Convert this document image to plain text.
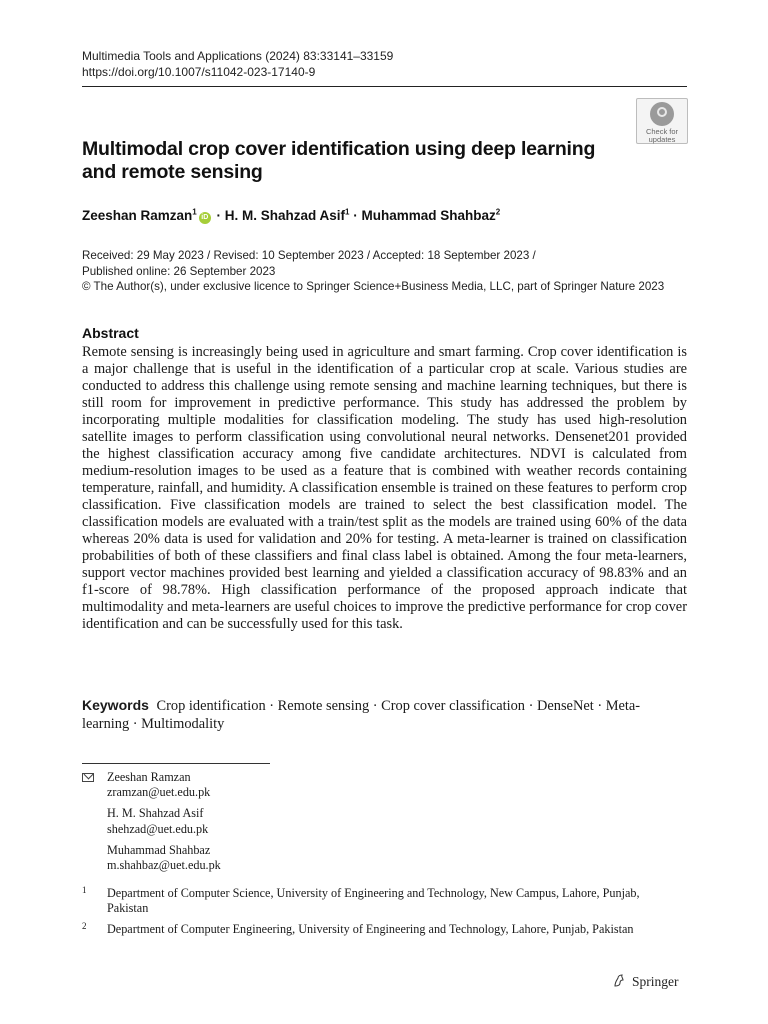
Multimedia Tools and Applications (2024) 83:33141–33159
https://doi.org/10.1007/s11042-023-17140-9
Check for
updates
Multimodal crop cover identification using deep learning and remote sensing
Zeeshan Ramzan$^1$iD · H. M. Shahzad Asif$^1$ · Muhammad Shahbaz$^2$
Received: 29 May 2023 / Revised: 10 September 2023 / Accepted: 18 September 2023 /
Published online: 26 September 2023
© The Author(s), under exclusive licence to Springer Science+Business Media, LLC, part of Springer Nature 2023
Abstract
Remote sensing is increasingly being used in agriculture and smart farming. Crop cover identification is a major challenge that is useful in the identification of a particular crop at scale. Various studies are conducted to address this challenge using remote sensing and machine learning techniques, but there is still room for improvement in predictive performance. This study has addressed the problem by incorporating multiple modalities for classification modeling. The study has used high-resolution satellite images to perform classification using convolutional neural networks. Densenet201 provided the highest classification accuracy among five candidate architectures. NDVI is calculated from medium-resolution images to be used as a feature that is combined with weather records containing temperature, rainfall, and humidity. A classification ensemble is trained on these features to perform crop classification. Five classification models are trained to select the best classification model. The classification models are evaluated with a train/test split as the models are trained using 60% of the data whereas 20% data is used for validation and 20% for testing. A meta-learner is trained on classification probabilities of both of these classifiers and final class label is obtained. Among the four meta-learners, support vector machines provided best learning and yielded a classification accuracy of 98.83% and an f1-score of 98.78%. High classification performance of the proposed approach indicate that multimodality and meta-learners are useful choices to improve the predictive performance for crop cover identification and can be successfully used for this task.
Keywords Crop identification · Remote sensing · Crop cover classification · DenseNet · Meta-learning · Multimodality
Zeeshan Ramzan
zramzan@uet.edu.pk
H. M. Shahzad Asif
shehzad@uet.edu.pk
Muhammad Shahbaz
m.shahbaz@uet.edu.pk
1 Department of Computer Science, University of Engineering and Technology, New Campus, Lahore, Punjab, Pakistan
2 Department of Computer Engineering, University of Engineering and Technology, Lahore, Punjab, Pakistan
Springer
